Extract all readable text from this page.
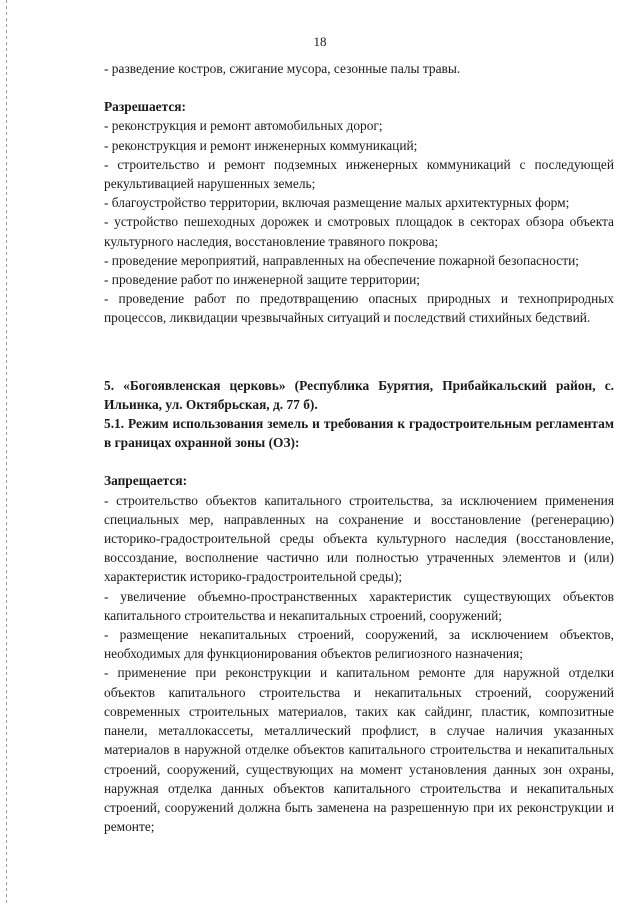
18

- разведение костров, сжигание мусора, сезонные палы травы.

Разрешается:

- реконструкция и ремонт автомобильных дорог;

- реконструкция и ремонт инженерных коммуникаций;

- строительство и ремонт подземных инженерных коммуникаций с последующей рекультивацией нарушенных земель;

- благоустройство территории, включая размещение малых архитектурных форм;

- устройство пешеходных дорожек и смотровых площадок в секторах обзора объекта культурного наследия, восстановление травяного покрова;

- проведение мероприятий, направленных на обеспечение пожарной безопасности;

- проведение работ по инженерной защите территории;

- проведение работ по предотвращению опасных природных и техноприродных процессов, ликвидации чрезвычайных ситуаций и последствий стихийных бедствий.

5. «Богоявленская церковь» (Республика Бурятия, Прибайкальский район, с. Ильинка, ул. Октябрьская, д. 77 б).

5.1. Режим использования земель и требования к градостроительным регламентам в границах охранной зоны (ОЗ):

Запрещается:

- строительство объектов капитального строительства, за исключением применения специальных мер, направленных на сохранение и восстановление (регенерацию) историко-градостроительной среды объекта культурного наследия (восстановление, воссоздание, восполнение частично или полностью утраченных элементов и (или) характеристик историко-градостроительной среды);

- увеличение объемно-пространственных характеристик существующих объектов капитального строительства и некапитальных строений, сооружений;

- размещение некапитальных строений, сооружений, за исключением объектов, необходимых для функционирования объектов религиозного назначения;

- применение при реконструкции и капитальном ремонте для наружной отделки объектов капитального строительства и некапитальных строений, сооружений современных строительных материалов, таких как сайдинг, пластик, композитные панели, металлокассеты, металлический профлист, в случае наличия указанных материалов в наружной отделке объектов капитального строительства и некапитальных строений, сооружений, существующих на момент установления данных зон охраны, наружная отделка данных объектов капитального строительства и некапитальных строений, сооружений должна быть заменена на разрешенную при их реконструкции и ремонте;
